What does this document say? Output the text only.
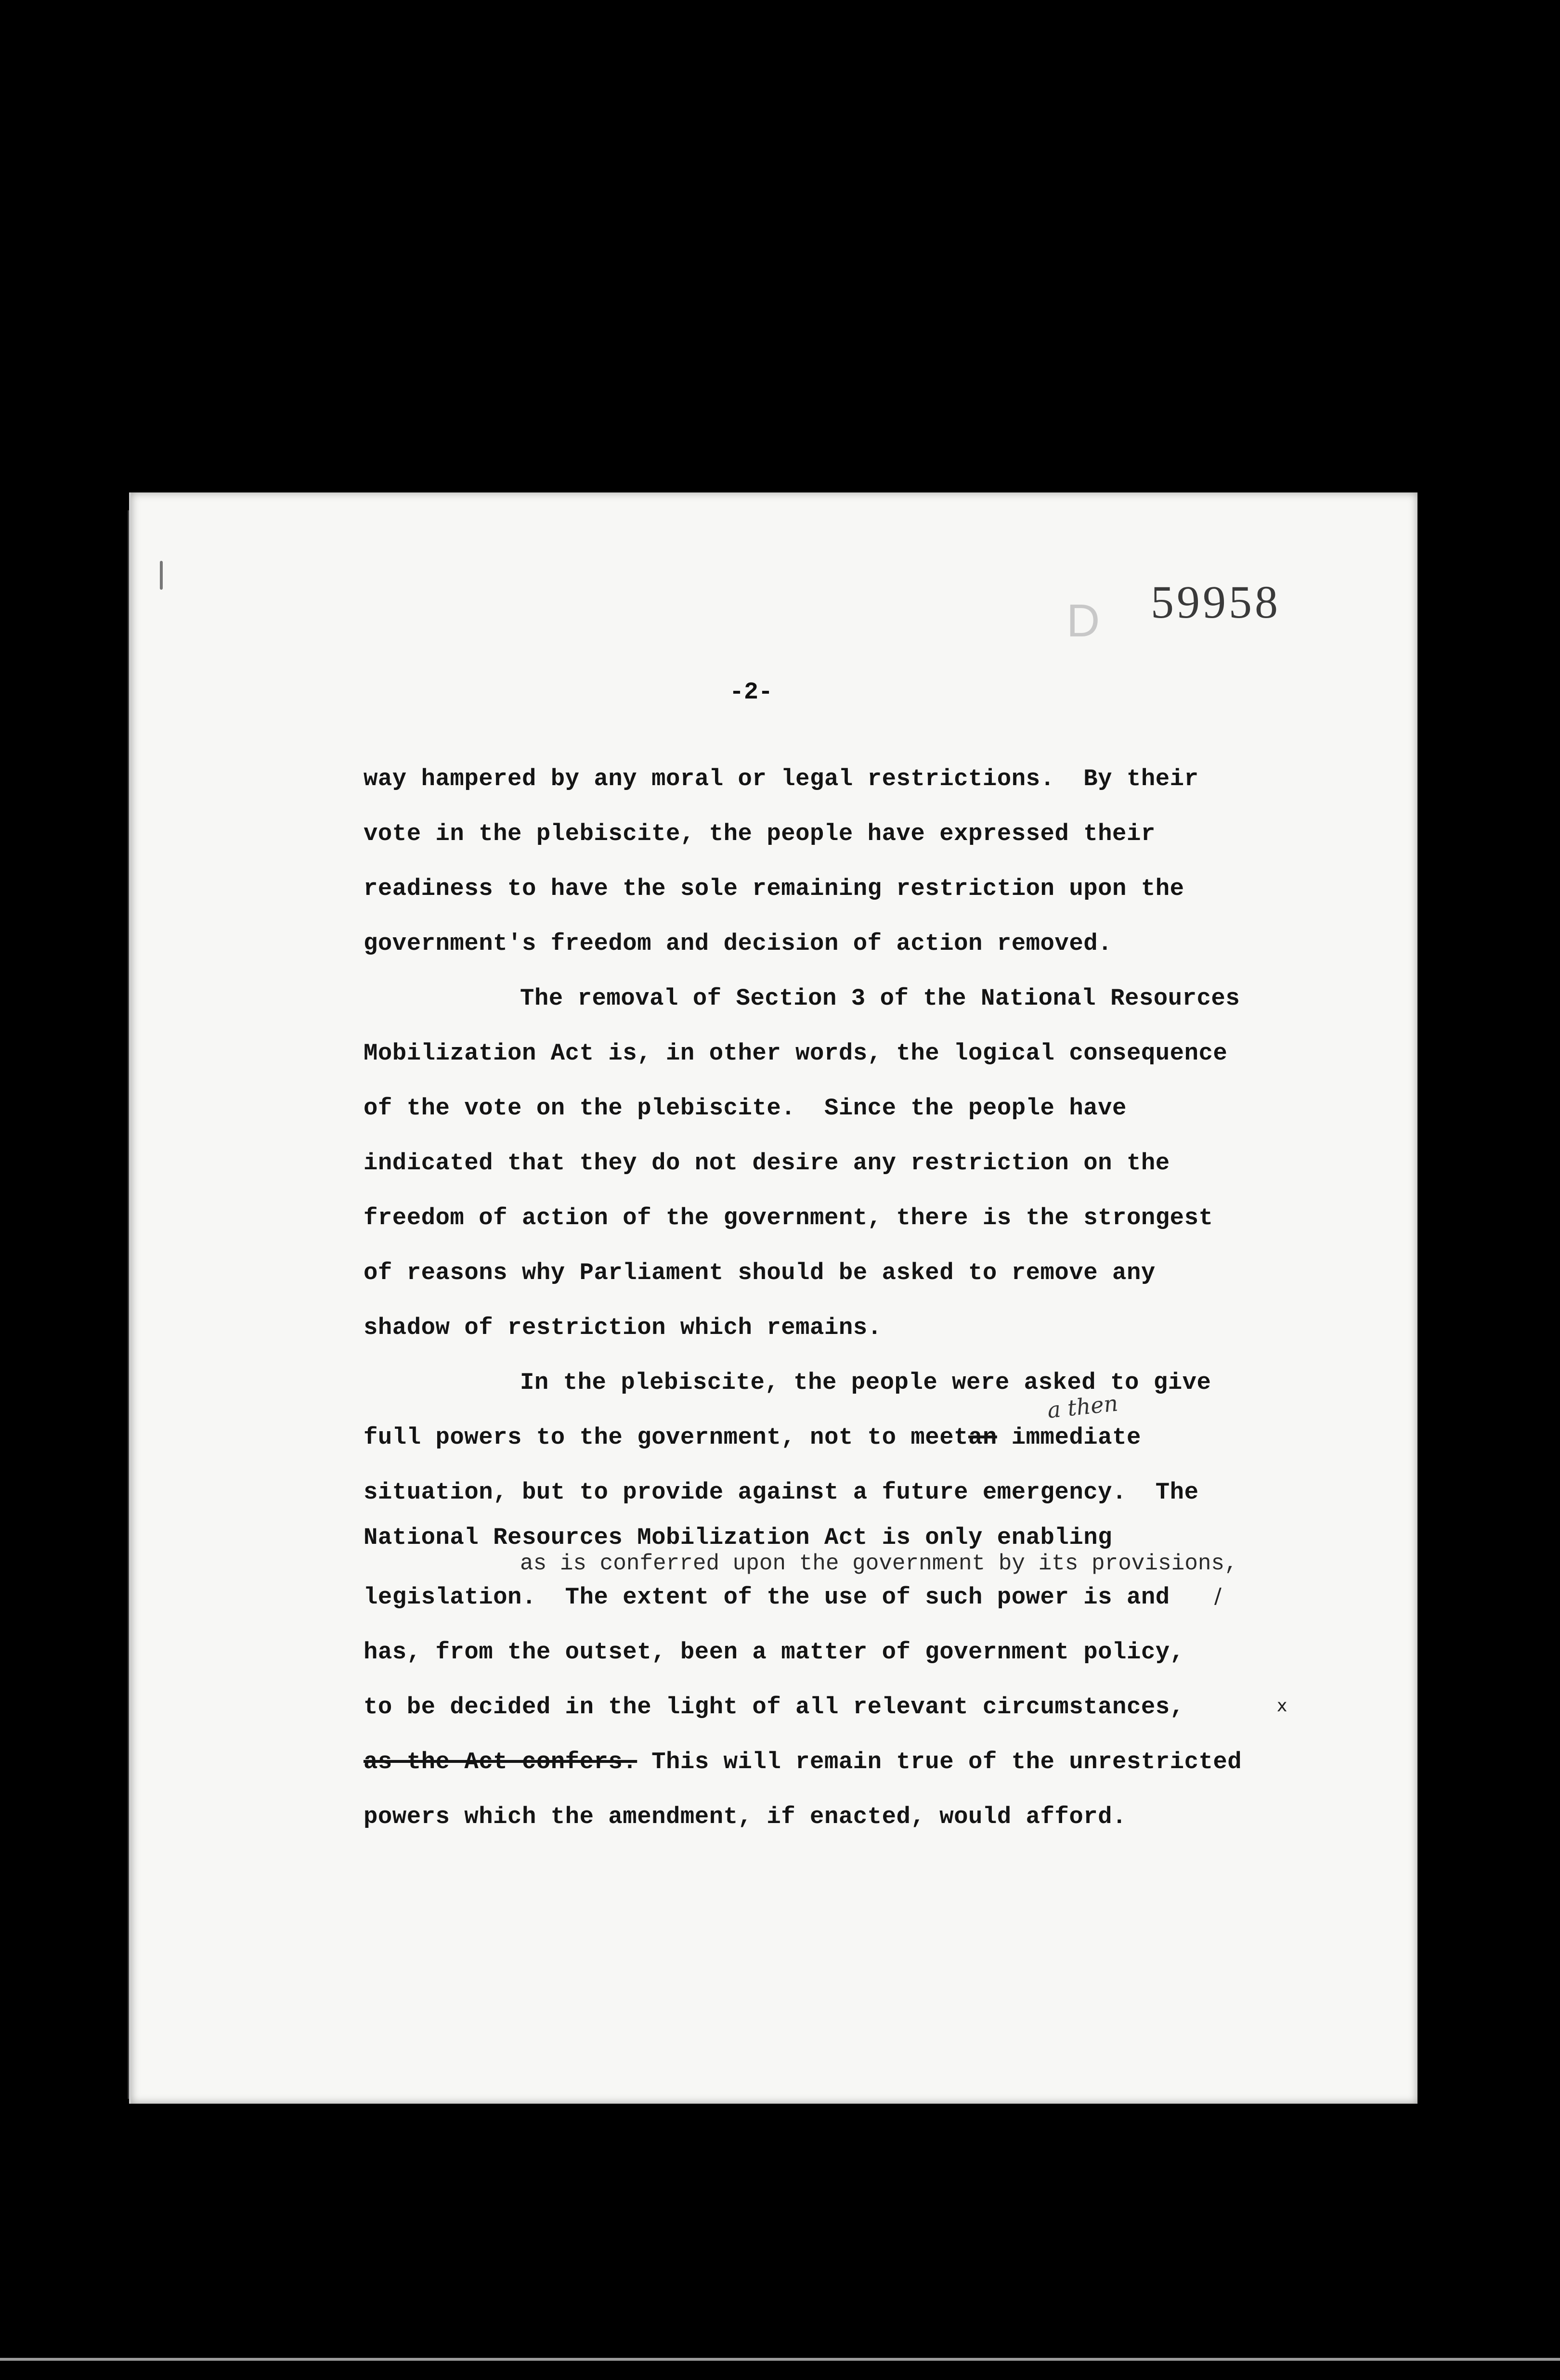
D 59958
-2-
way hampered by any moral or legal restrictions.  By their
vote in the plebiscite, the people have expressed their
readiness to have the sole remaining restriction upon the
government's freedom and decision of action removed.
The removal of Section 3 of the National Resources
Mobilization Act is, in other words, the logical consequence
of the vote on the plebiscite.  Since the people have
indicated that they do not desire any restriction on the
freedom of action of the government, there is the strongest
of reasons why Parliament should be asked to remove any
shadow of restriction which remains.
In the plebiscite, the people were asked to give
full powers to the government, not to meetan immediate
a then
situation, but to provide against a future emergency.  The
National Resources Mobilization Act is only enabling
as is conferred upon the government by its provisions,
legislation.  The extent of the use of such power is and /
has, from the outset, been a matter of government policy,
to be decided in the light of all relevant circumstances,	x
as the Act confers. This will remain true of the unrestricted
powers which the amendment, if enacted, would afford.
